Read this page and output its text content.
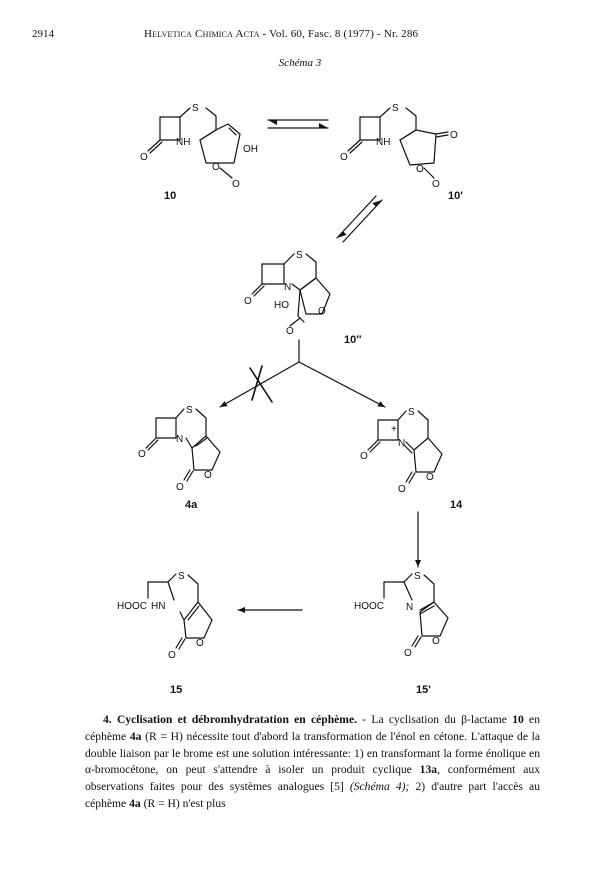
2914	Helvetica Chimica Acta - Vol. 60, Fasc. 8 (1977) - Nr. 286
Schéma 3
S
NH
O
OH
O
O
10
S
NH
O
O
O
O
10'
S
N
O HO
O
O
10''
S
N
O
O
O
4a
S
+
N
O
O
O
14
S
HOOC N
O
O
15'
S
HOOC HN
O
O
15

4. Cyclisation et débromhydratation en céphème. - La cyclisation du β-lactame 10 en céphème 4a (R = H) nécessite tout d'abord la transformation de l'énol en cétone. L'attaque de la double liaison par le brome est une solution intéressante: 1) en transformant la forme énolique en α-bromocétone, on peut s'attendre à isoler un produit cyclique 13a, conformément aux observations faites pour des systèmes analogues [5] (Schéma 4); 2) d'autre part l'accès au céphème 4a (R = H) n'est plus
